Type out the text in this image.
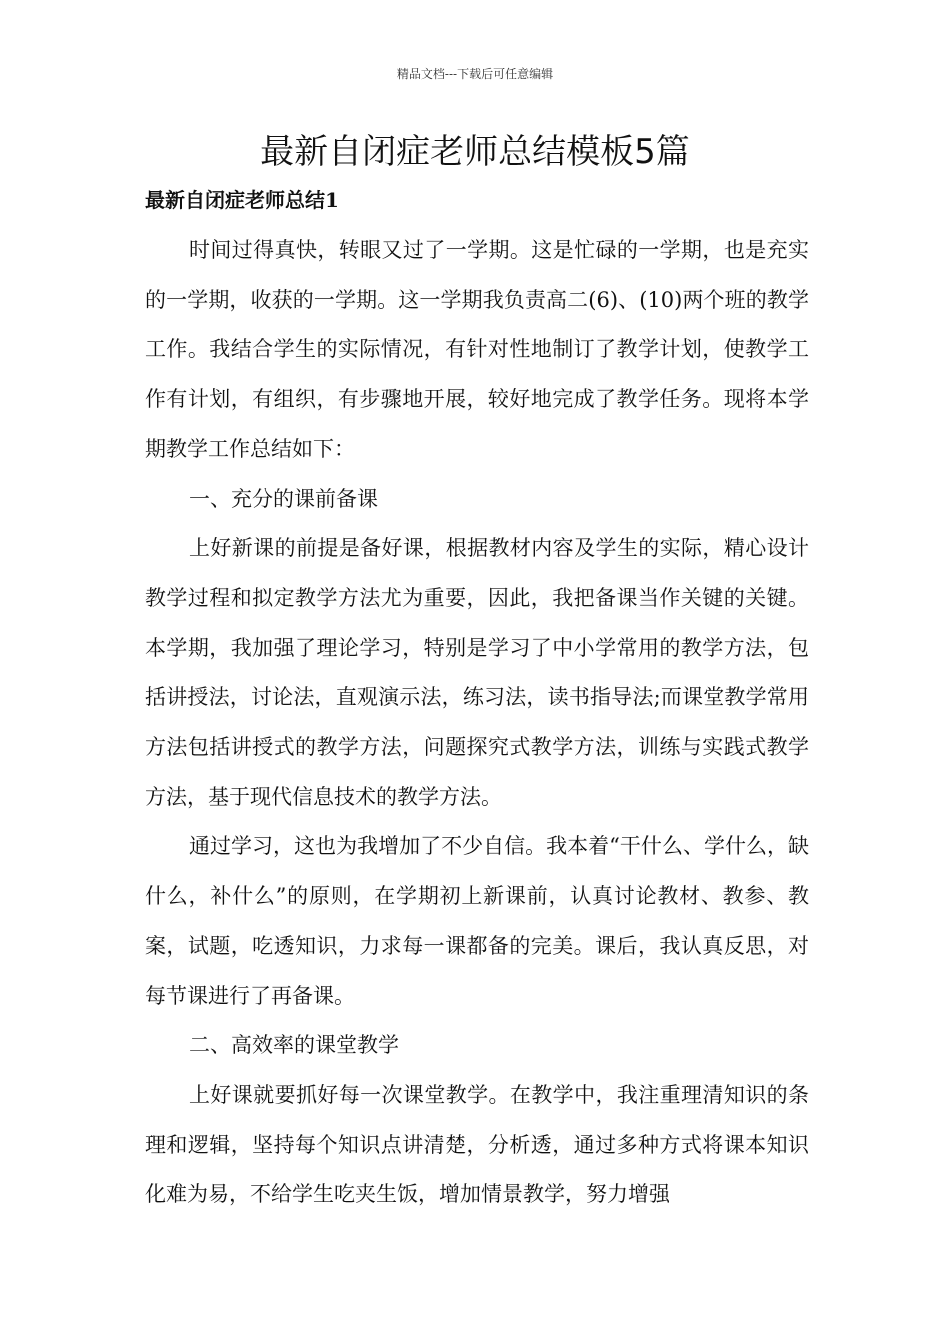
精品文档---下载后可任意编辑
最新自闭症老师总结模板5篇
最新自闭症老师总结1

时间过得真快，转眼又过了一学期。这是忙碌的一学期，也是充实的一学期，收获的一学期。这一学期我负责高二(6)、(10)两个班的教学工作。我结合学生的实际情况，有针对性地制订了教学计划，使教学工作有计划，有组织，有步骤地开展，较好地完成了教学任务。现将本学期教学工作总结如下：

一、充分的课前备课

上好新课的前提是备好课，根据教材内容及学生的实际，精心设计教学过程和拟定教学方法尤为重要，因此，我把备课当作关键的关键。本学期，我加强了理论学习，特别是学习了中小学常用的教学方法，包括讲授法，讨论法，直观演示法，练习法，读书指导法;而课堂教学常用方法包括讲授式的教学方法，问题探究式教学方法，训练与实践式教学方法，基于现代信息技术的教学方法。

通过学习，这也为我增加了不少自信。我本着“干什么、学什么，缺什么，补什么”的原则，在学期初上新课前，认真讨论教材、教参、教案，试题，吃透知识，力求每一课都备的完美。课后，我认真反思，对每节课进行了再备课。

二、高效率的课堂教学

上好课就要抓好每一次课堂教学。在教学中，我注重理清知识的条理和逻辑，坚持每个知识点讲清楚，分析透，通过多种方式将课本知识化难为易，不给学生吃夹生饭，增加情景教学，努力增强
